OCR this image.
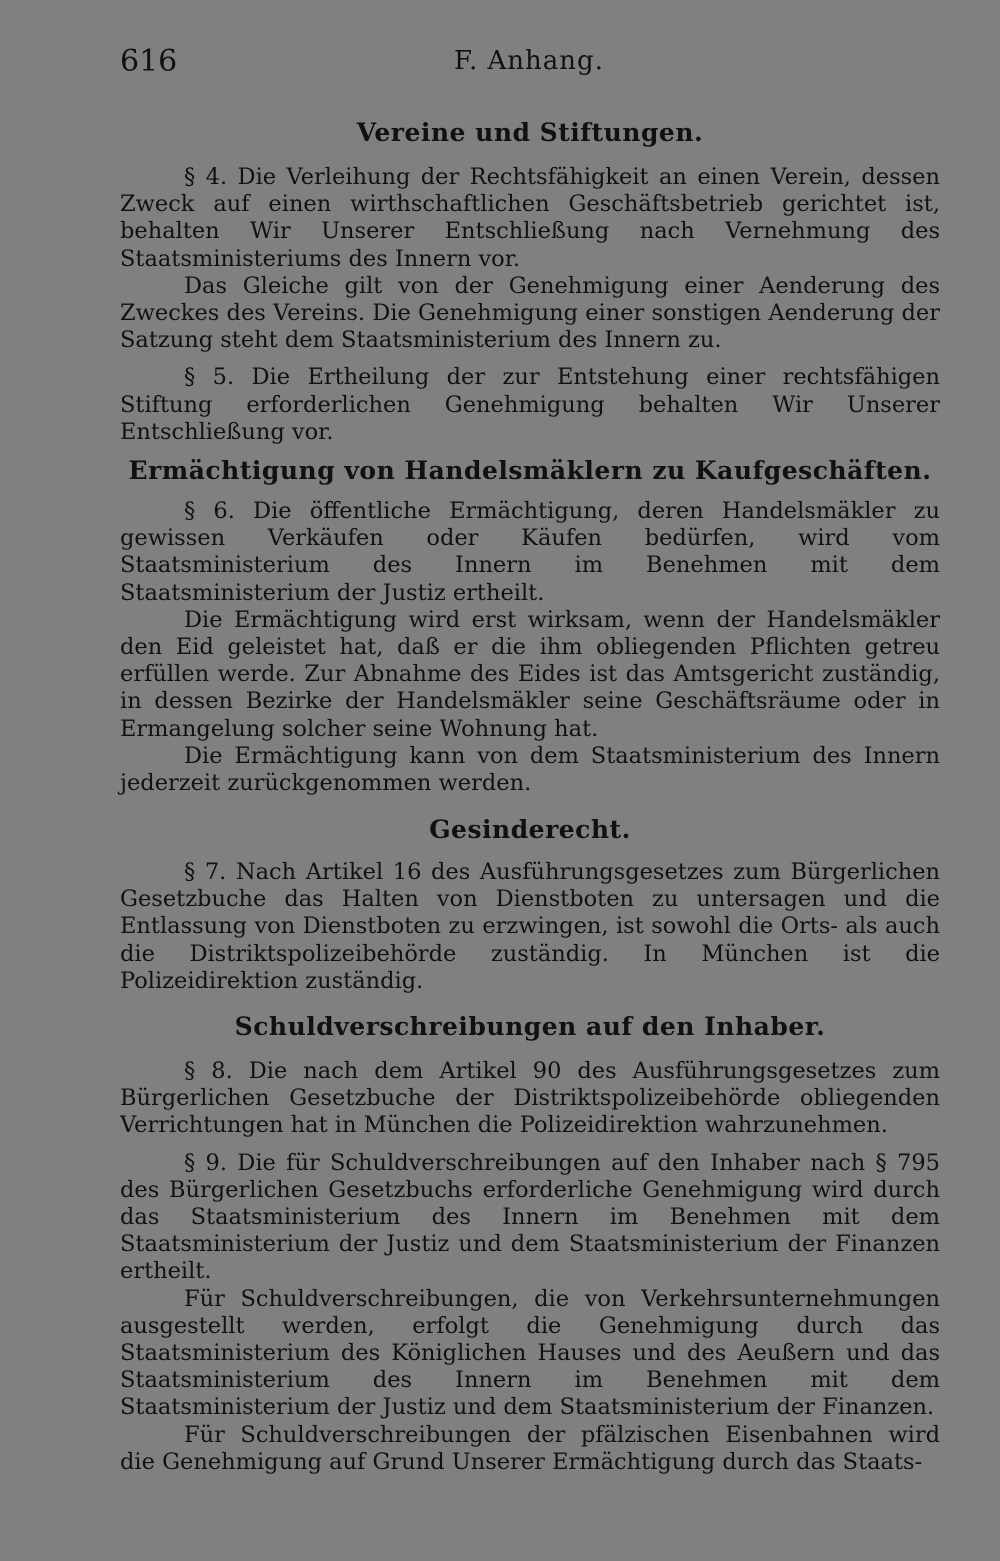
616	F. Anhang.
Vereine und Stiftungen.

§ 4. Die Verleihung der Rechtsfähigkeit an einen Verein, dessen Zweck auf einen wirthschaftlichen Geschäftsbetrieb gerichtet ist, behalten Wir Unserer Entschließung nach Vernehmung des Staatsministeriums des Innern vor.

Das Gleiche gilt von der Genehmigung einer Aenderung des Zweckes des Vereins. Die Genehmigung einer sonstigen Aenderung der Satzung steht dem Staatsministerium des Innern zu.

§ 5. Die Ertheilung der zur Entstehung einer rechtsfähigen Stiftung erforderlichen Genehmigung behalten Wir Unserer Entschließung vor.

Ermächtigung von Handelsmäklern zu Kaufgeschäften.

§ 6. Die öffentliche Ermächtigung, deren Handelsmäkler zu gewissen Verkäufen oder Käufen bedürfen, wird vom Staatsministerium des Innern im Benehmen mit dem Staatsministerium der Justiz ertheilt.

Die Ermächtigung wird erst wirksam, wenn der Handelsmäkler den Eid geleistet hat, daß er die ihm obliegenden Pflichten getreu erfüllen werde. Zur Abnahme des Eides ist das Amtsgericht zuständig, in dessen Bezirke der Handelsmäkler seine Geschäftsräume oder in Ermangelung solcher seine Wohnung hat.

Die Ermächtigung kann von dem Staatsministerium des Innern jederzeit zurückgenommen werden.

Gesinderecht.

§ 7. Nach Artikel 16 des Ausführungsgesetzes zum Bürgerlichen Gesetzbuche das Halten von Dienstboten zu untersagen und die Entlassung von Dienstboten zu erzwingen, ist sowohl die Orts- als auch die Distriktspolizeibehörde zuständig. In München ist die Polizeidirektion zuständig.

Schuldverschreibungen auf den Inhaber.

§ 8. Die nach dem Artikel 90 des Ausführungsgesetzes zum Bürgerlichen Gesetzbuche der Distriktspolizeibehörde obliegenden Verrichtungen hat in München die Polizeidirektion wahrzunehmen.

§ 9. Die für Schuldverschreibungen auf den Inhaber nach § 795 des Bürgerlichen Gesetzbuchs erforderliche Genehmigung wird durch das Staatsministerium des Innern im Benehmen mit dem Staatsministerium der Justiz und dem Staatsministerium der Finanzen ertheilt.

Für Schuldverschreibungen, die von Verkehrsunternehmungen ausgestellt werden, erfolgt die Genehmigung durch das Staatsministerium des Königlichen Hauses und des Aeußern und das Staatsministerium des Innern im Benehmen mit dem Staatsministerium der Justiz und dem Staatsministerium der Finanzen.

Für Schuldverschreibungen der pfälzischen Eisenbahnen wird die Genehmigung auf Grund Unserer Ermächtigung durch das Staats-
